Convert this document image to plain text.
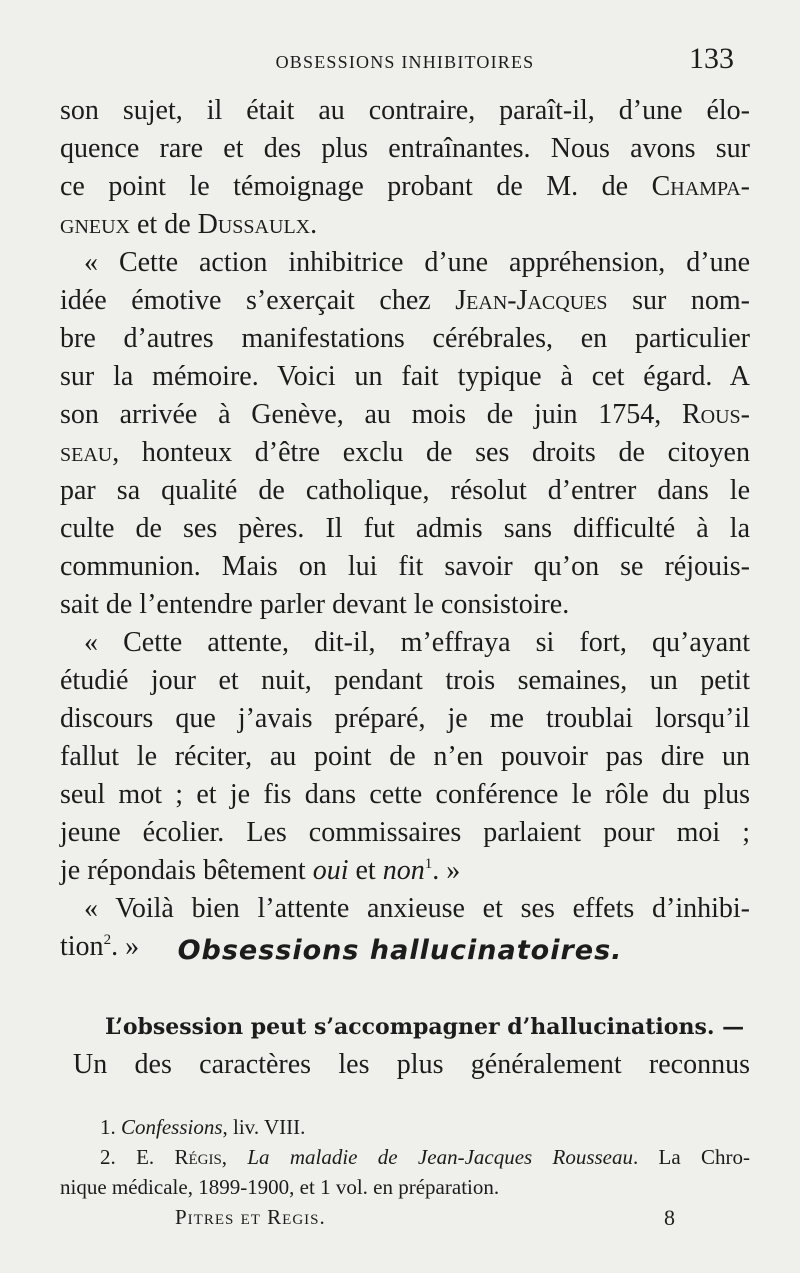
OBSESSIONS INHIBITOIRES	133
son sujet, il était au contraire, paraît-il, d’une élo-
quence rare et des plus entraînantes. Nous avons sur
ce point le témoignage probant de M. de Champa-
gneux et de Dussaulx.
« Cette action inhibitrice d’une appréhension, d’une
idée émotive s’exerçait chez Jean-Jacques sur nom-
bre d’autres manifestations cérébrales, en particulier
sur la mémoire. Voici un fait typique à cet égard. A
son arrivée à Genève, au mois de juin 1754, Rous-
seau, honteux d’être exclu de ses droits de citoyen
par sa qualité de catholique, résolut d’entrer dans le
culte de ses pères. Il fut admis sans difficulté à la
communion. Mais on lui fit savoir qu’on se réjouis-
sait de l’entendre parler devant le consistoire.
« Cette attente, dit-il, m’effraya si fort, qu’ayant
étudié jour et nuit, pendant trois semaines, un petit
discours que j’avais préparé, je me troublai lorsqu’il
fallut le réciter, au point de n’en pouvoir pas dire un
seul mot ; et je fis dans cette conférence le rôle du plus
jeune écolier. Les commissaires parlaient pour moi ;
je répondais bêtement oui et non$^1$. »
« Voilà bien l’attente anxieuse et ses effets d’inhibi-
tion$^2$. »	Obsessions hallucinatoires.
L’obsession peut s’accompagner d’hallucinations. —
Un des caractères les plus généralement reconnus
1. Confessions, liv. VIII.
2. E. Régis, La maladie de Jean-Jacques Rousseau. La Chro-
nique médicale, 1899-1900, et 1 vol. en préparation.
Pitres et Regis.	8
